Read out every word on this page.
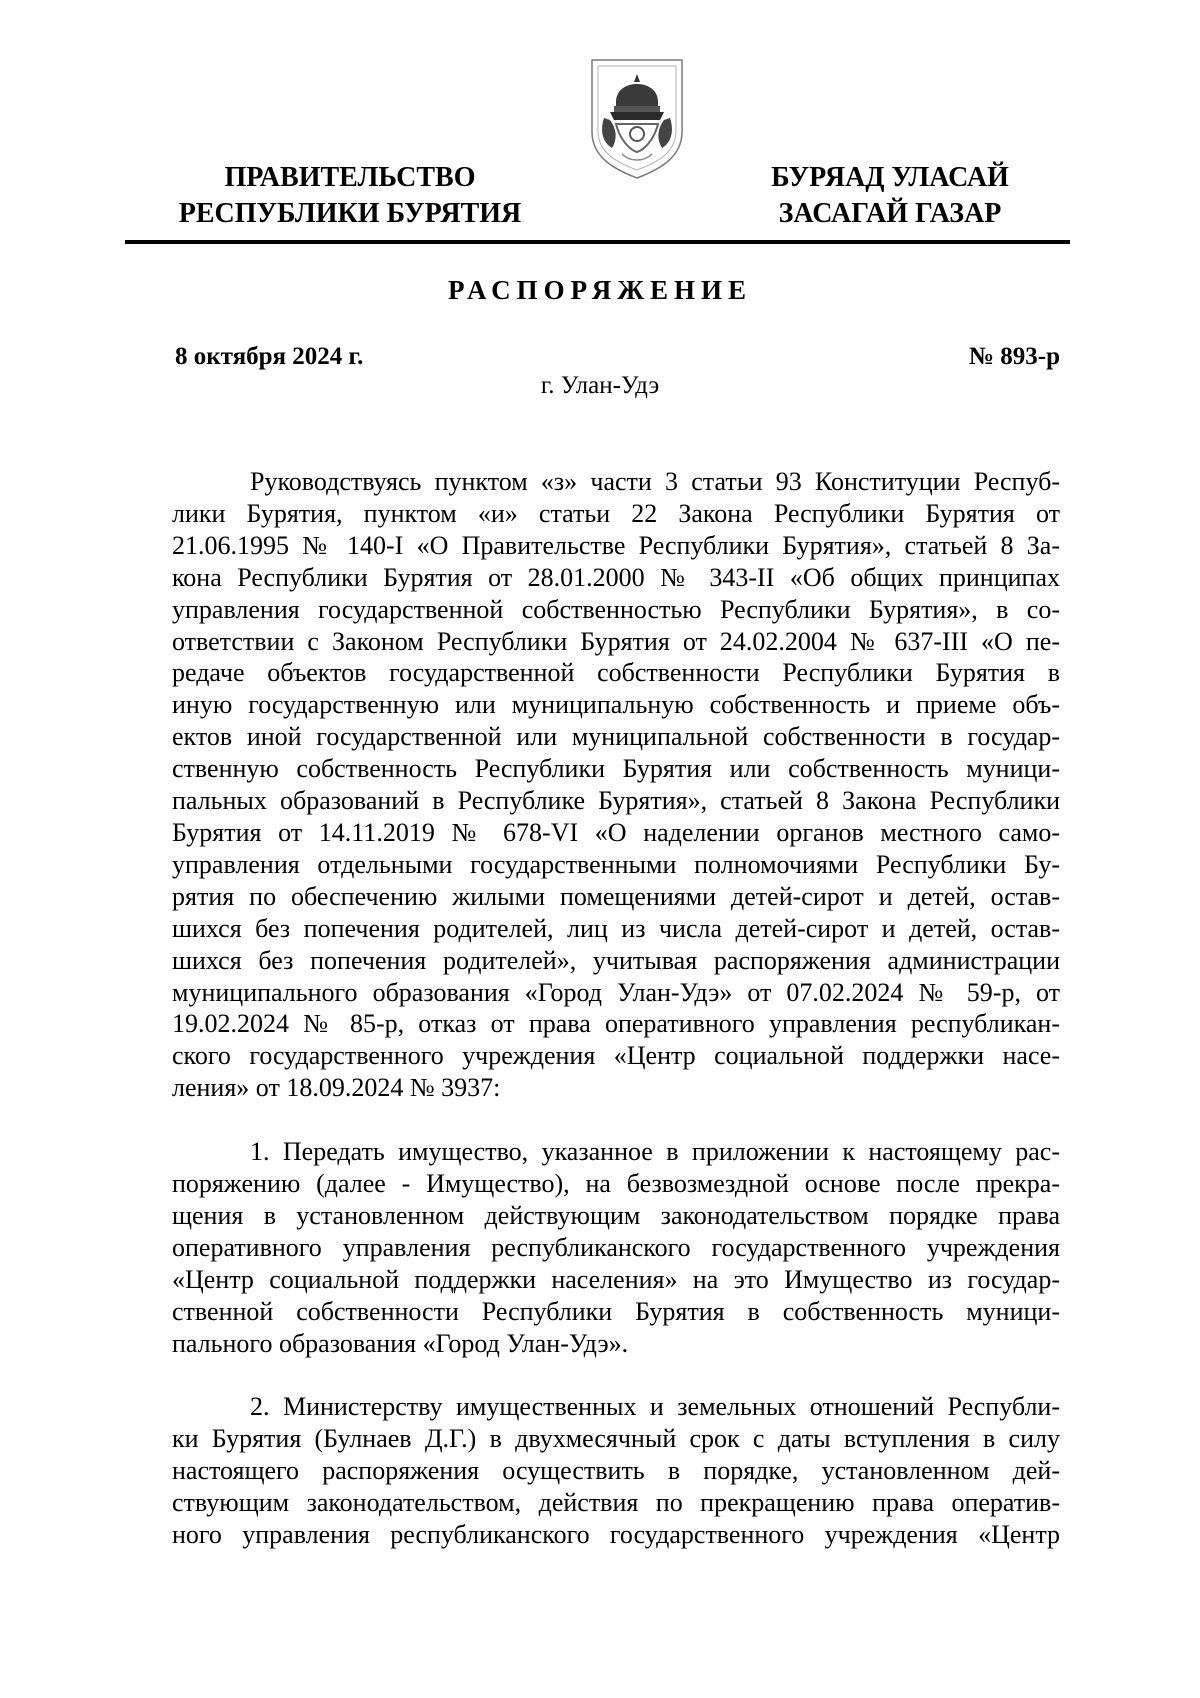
ПРАВИТЕЛЬСТВО
РЕСПУБЛИКИ БУРЯТИЯ
БУРЯАД УЛАСАЙ
ЗАСАГАЙ ГАЗАР
РАСПОРЯЖЕНИЕ
8 октября 2024 г.	№ 893-р
г. Улан-Удэ
Руководствуясь пунктом «з» части 3 статьи 93 Конституции Респуб-
лики Бурятия, пунктом «и» статьи 22 Закона Республики Бурятия от
21.06.1995 № 140-I «О Правительстве Республики Бурятия», статьей 8 За-
кона Республики Бурятия от 28.01.2000 № 343-II «Об общих принципах
управления государственной собственностью Республики Бурятия», в со-
ответствии с Законом Республики Бурятия от 24.02.2004 № 637-III «О пе-
редаче объектов государственной собственности Республики Бурятия в
иную государственную или муниципальную собственность и приеме объ-
ектов иной государственной или муниципальной собственности в государ-
ственную собственность Республики Бурятия или собственность муници-
пальных образований в Республике Бурятия», статьей 8 Закона Республики
Бурятия от 14.11.2019 № 678-VI «О наделении органов местного само-
управления отдельными государственными полномочиями Республики Бу-
рятия по обеспечению жилыми помещениями детей-сирот и детей, остав-
шихся без попечения родителей, лиц из числа детей-сирот и детей, остав-
шихся без попечения родителей», учитывая распоряжения администрации
муниципального образования «Город Улан-Удэ» от 07.02.2024 № 59-р, от
19.02.2024 № 85-р, отказ от права оперативного управления республикан-
ского государственного учреждения «Центр социальной поддержки насе-
ления» от 18.09.2024 № 3937:
1. Передать имущество, указанное в приложении к настоящему рас-
поряжению (далее - Имущество), на безвозмездной основе после прекра-
щения в установленном действующим законодательством порядке права
оперативного управления республиканского государственного учреждения
«Центр социальной поддержки населения» на это Имущество из государ-
ственной собственности Республики Бурятия в собственность муници-
пального образования «Город Улан-Удэ».
2. Министерству имущественных и земельных отношений Республи-
ки Бурятия (Булнаев Д.Г.) в двухмесячный срок с даты вступления в силу
настоящего распоряжения осуществить в порядке, установленном дей-
ствующим законодательством, действия по прекращению права оператив-
ного управления республиканского государственного учреждения «Центр
